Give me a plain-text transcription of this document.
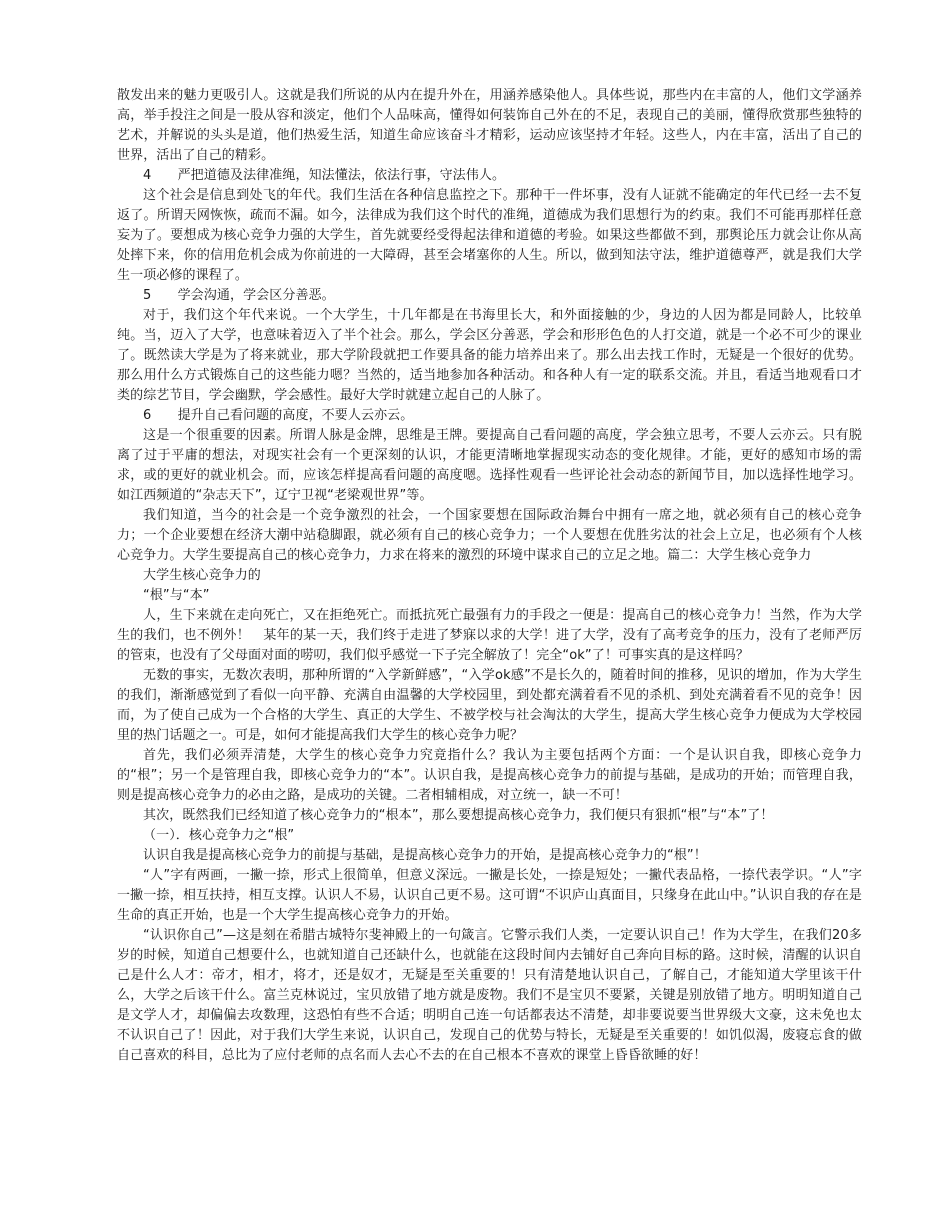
散发出来的魅力更吸引人。这就是我们所说的从内在提升外在，用涵养感染他人。具体些说，那些内在丰富的人，他们文学涵养高，举手投注之间是一股从容和淡定，他们个人品味高，懂得如何装饰自己外在的不足，表现自己的美丽，懂得欣赏那些独特的艺术，并解说的头头是道，他们热爱生活，知道生命应该奋斗才精彩，运动应该坚持才年轻。这些人，内在丰富，活出了自己的世界，活出了自己的精彩。

4　　严把道德及法律准绳，知法懂法，依法行事，守法伟人。

这个社会是信息到处飞的年代。我们生活在各种信息监控之下。那种干一件坏事，没有人证就不能确定的年代已经一去不复返了。所谓天网恢恢，疏而不漏。如今，法律成为我们这个时代的准绳，道德成为我们思想行为的约束。我们不可能再那样任意妄为了。要想成为核心竞争力强的大学生，首先就要经受得起法律和道德的考验。如果这些都做不到，那舆论压力就会让你从高处摔下来，你的信用危机会成为你前进的一大障碍，甚至会堵塞你的人生。所以，做到知法守法，维护道德尊严，就是我们大学生一项必修的课程了。

5　　学会沟通，学会区分善恶。

对于，我们这个年代来说。一个大学生，十几年都是在书海里长大，和外面接触的少，身边的人因为都是同龄人，比较单纯。当，迈入了大学，也意味着迈入了半个社会。那么，学会区分善恶，学会和形形色色的人打交道，就是一个必不可少的课业了。既然读大学是为了将来就业，那大学阶段就把工作要具备的能力培养出来了。那么出去找工作时，无疑是一个很好的优势。那么用什么方式锻炼自己的这些能力嗯？当然的，适当地参加各种活动。和各种人有一定的联系交流。并且，看适当地观看口才类的综艺节目，学会幽默，学会感性。最好大学时就建立起自己的人脉了。

6　　提升自己看问题的高度，不要人云亦云。

这是一个很重要的因素。所谓人脉是金牌，思维是王牌。要提高自己看问题的高度，学会独立思考，不要人云亦云。只有脱离了过于平庸的想法，对现实社会有一个更深刻的认识，才能更清晰地掌握现实动态的变化规律。才能，更好的感知市场的需求，或的更好的就业机会。而，应该怎样提高看问题的高度嗯。选择性观看一些评论社会动态的新闻节目，加以选择性地学习。如江西频道的“杂志天下”，辽宁卫视“老梁观世界”等。

我们知道，当今的社会是一个竞争激烈的社会，一个国家要想在国际政治舞台中拥有一席之地，就必须有自己的核心竞争力；一个企业要想在经济大潮中站稳脚跟，就必须有自己的核心竞争力；一个人要想在优胜劣汰的社会上立足，也必须有个人核心竞争力。大学生要提高自己的核心竞争力，力求在将来的激烈的环境中谋求自己的立足之地。篇二：大学生核心竞争力

大学生核心竞争力的

“根”与“本”

人，生下来就在走向死亡，又在拒绝死亡。而抵抗死亡最强有力的手段之一便是：提高自己的核心竞争力！当然，作为大学生的我们，也不例外！　某年的某一天，我们终于走进了梦寐以求的大学！进了大学，没有了高考竞争的压力，没有了老师严厉的管束，也没有了父母面对面的唠叨，我们似乎感觉一下子完全解放了！完全“ok”了！可事实真的是这样吗？

无数的事实，无数次表明，那种所谓的“入学新鲜感”，“入学ok感”不是长久的，随着时间的推移，见识的增加，作为大学生的我们，渐渐感觉到了看似一向平静、充满自由温馨的大学校园里，到处都充满着看不见的杀机、到处充满着看不见的竞争！因而，为了使自己成为一个合格的大学生、真正的大学生、不被学校与社会淘汰的大学生，提高大学生核心竞争力便成为大学校园里的热门话题之一。可是，如何才能提高我们大学生的核心竞争力呢？

首先，我们必须弄清楚，大学生的核心竞争力究竟指什么？我认为主要包括两个方面：一个是认识自我，即核心竞争力的“根”；另一个是管理自我，即核心竞争力的“本”。认识自我，是提高核心竞争力的前提与基础，是成功的开始；而管理自我，则是提高核心竞争力的必由之路，是成功的关键。二者相辅相成，对立统一，缺一不可！

其次，既然我们已经知道了核心竞争力的“根本”，那么要想提高核心竞争力，我们便只有狠抓“根”与“本”了！

（一）．核心竞争力之“根”

认识自我是提高核心竞争力的前提与基础，是提高核心竞争力的开始，是提高核心竞争力的“根”！

“人”字有两画，一撇一捺，形式上很简单，但意义深远。一撇是长处，一捺是短处；一撇代表品格，一捺代表学识。“人”字一撇一捺，相互扶持，相互支撑。认识人不易，认识自己更不易。这可谓“不识庐山真面目，只缘身在此山中。”认识自我的存在是生命的真正开始，也是一个大学生提高核心竞争力的开始。

“认识你自己”—这是刻在希腊古城特尔斐神殿上的一句箴言。它警示我们人类，一定要认识自己！作为大学生，在我们20多岁的时候，知道自己想要什么，也就知道自己还缺什么，也就能在这段时间内去铺好自己奔向目标的路。这时候，清醒的认识自己是什么人才：帝才，相才，将才，还是奴才，无疑是至关重要的！只有清楚地认识自己，了解自己，才能知道大学里该干什么，大学之后该干什么。富兰克林说过，宝贝放错了地方就是废物。我们不是宝贝不要紧，关键是别放错了地方。明明知道自己是文学人才，却偏偏去攻数理，这恐怕有些不合适；明明自己连一句话都表达不清楚，却非要说要当世界级大文豪，这未免也太不认识自己了！因此，对于我们大学生来说，认识自己，发现自己的优势与特长，无疑是至关重要的！如饥似渴，废寝忘食的做自己喜欢的科目，总比为了应付老师的点名而人去心不去的在自己根本不喜欢的课堂上昏昏欲睡的好！
